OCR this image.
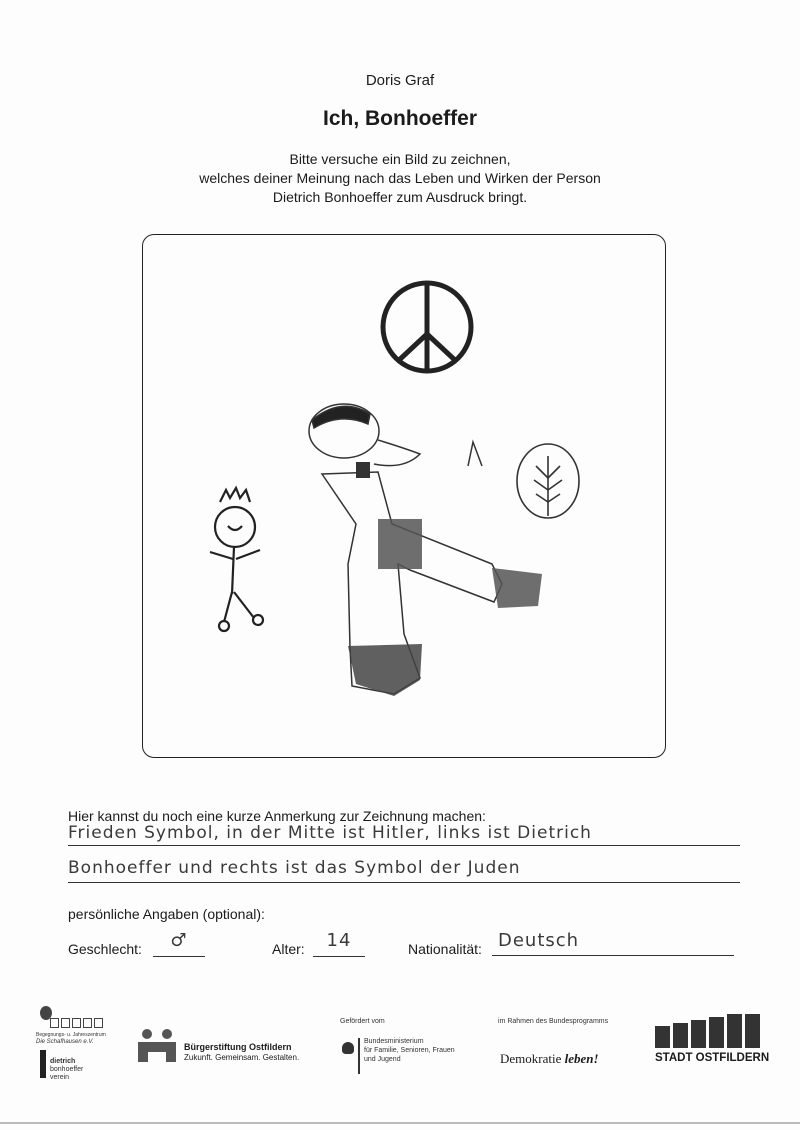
Doris Graf
Ich, Bonhoeffer
Bitte versuche ein Bild zu zeichnen,
welches deiner Meinung nach das Leben und Wirken der Person
Dietrich Bonhoeffer zum Ausdruck bringt.
Hier kannst du noch eine kurze Anmerkung zur Zeichnung machen:
Frieden Symbol, in der Mitte ist Hitler, links ist Dietrich
Bonhoeffer und rechts ist das Symbol der Juden
persönliche Angaben (optional):
Geschlecht:	♂	Alter:	14	Nationalität: Deutsch
Begegnungs- u. Jahreszentrum
Die Schafhausen e.V.
dietrich
bonhoeffer
verein
Bürgerstiftung Ostfildern
Zukunft. Gemeinsam. Gestalten.
Gefördert vom
Bundesministerium
für Familie, Senioren, Frauen
und Jugend
im Rahmen des Bundesprogramms
Demokratie leben!	STADT OSTFILDERN
